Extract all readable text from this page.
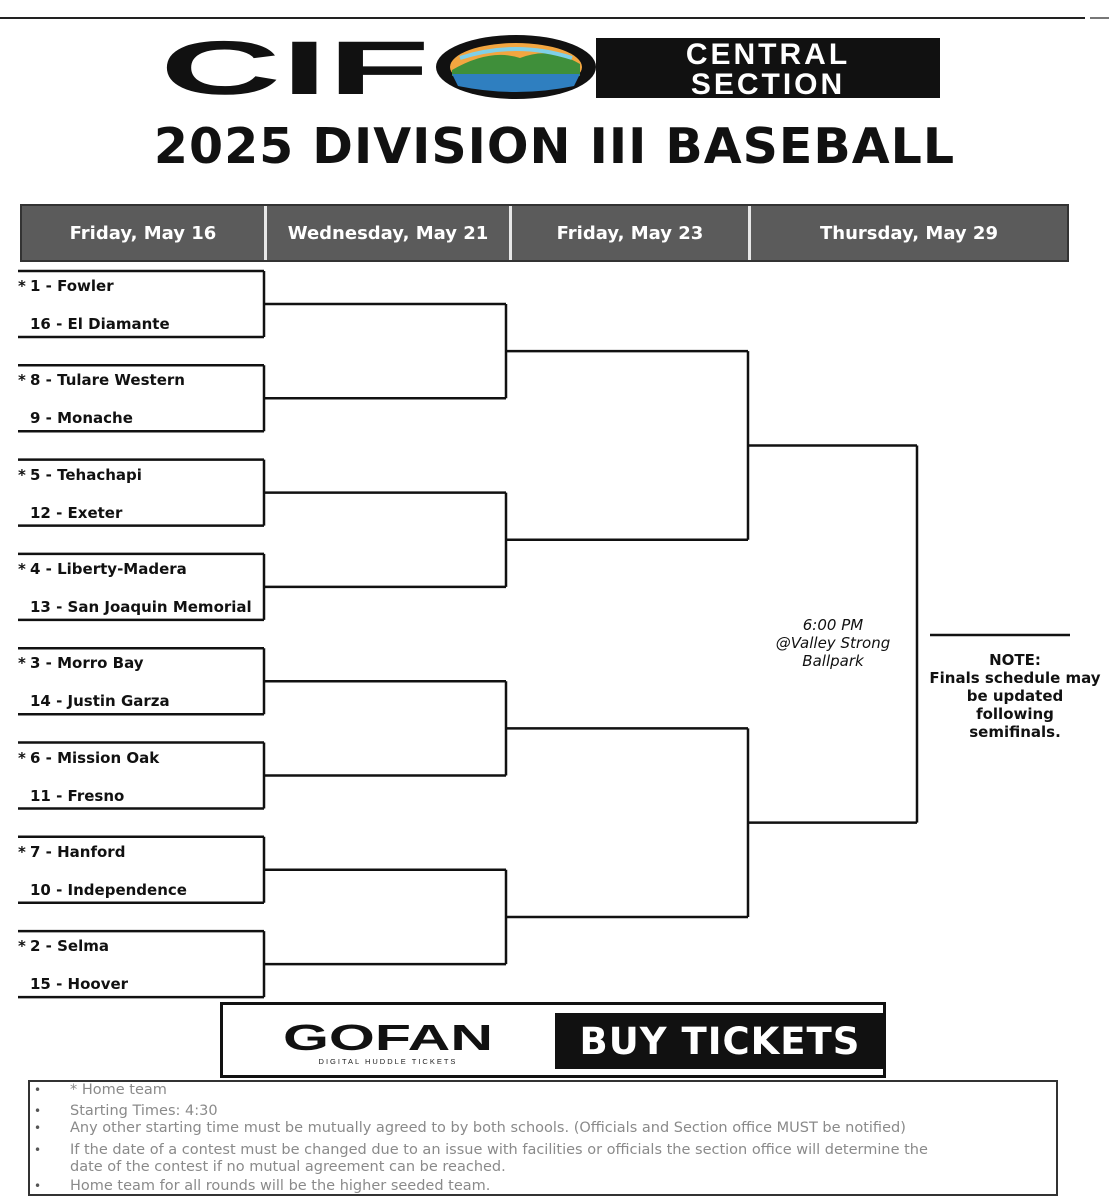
CIF	CENTRAL
SECTION
2025 DIVISION III BASEBALL
Friday, May 16	Wednesday, May 21	Friday, May 23	Thursday, May 29
* 1 - Fowler
16 - El Diamante
* 8 - Tulare Western
9 - Monache
* 5 - Tehachapi
12 - Exeter
* 4 - Liberty-Madera
13 - San Joaquin Memorial
* 3 - Morro Bay
14 - Justin Garza
* 6 - Mission Oak
11 - Fresno
* 7 - Hanford
10 - Independence
* 2 - Selma
15 - Hoover
6:00 PM
@Valley Strong
Ballpark	NOTE:
Finals schedule may
be updated
following
semifinals.
GOFAN
DIGITAL HUDDLE TICKETS	BUY TICKETS
• * Home team
• Starting Times: 4:30
• Any other starting time must be mutually agreed to by both schools. (Officials and Section office MUST be notified)
• If the date of a contest must be changed due to an issue with facilities or officials the section office will determine the
date of the contest if no mutual agreement can be reached.
• Home team for all rounds will be the higher seeded team.
